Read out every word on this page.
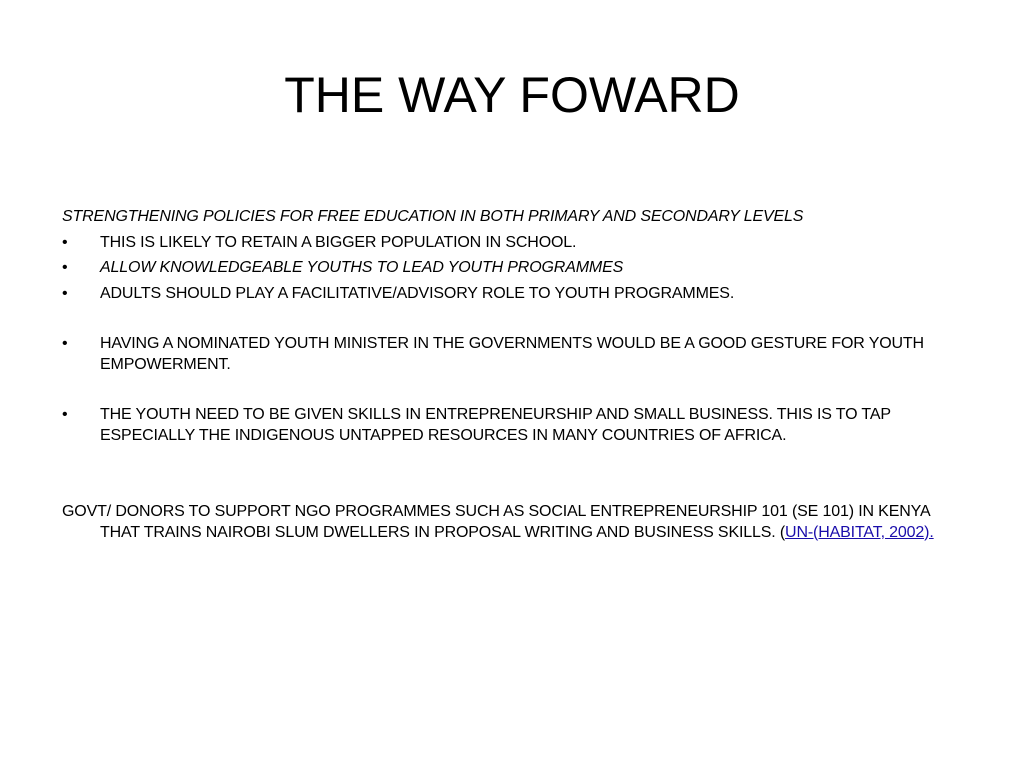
THE WAY FOWARD

STRENGTHENING POLICIES FOR FREE EDUCATION IN BOTH PRIMARY AND SECONDARY LEVELS

•	THIS IS LIKELY TO RETAIN A BIGGER POPULATION IN SCHOOL.

•	ALLOW KNOWLEDGEABLE YOUTHS TO LEAD YOUTH PROGRAMMES

•	ADULTS SHOULD PLAY A FACILITATIVE/ADVISORY ROLE TO YOUTH PROGRAMMES.

•	HAVING A NOMINATED YOUTH MINISTER IN THE GOVERNMENTS WOULD BE A GOOD GESTURE FOR YOUTH EMPOWERMENT.

•	THE YOUTH NEED TO BE GIVEN SKILLS IN ENTREPRENEURSHIP AND SMALL BUSINESS. THIS IS TO TAP ESPECIALLY THE INDIGENOUS UNTAPPED RESOURCES IN MANY COUNTRIES OF AFRICA.

GOVT/ DONORS TO SUPPORT NGO PROGRAMMES SUCH AS SOCIAL ENTREPRENEURSHIP 101 (SE 101) IN KENYA THAT TRAINS NAIROBI SLUM DWELLERS IN PROPOSAL WRITING AND BUSINESS SKILLS. (UN-(HABITAT, 2002).
